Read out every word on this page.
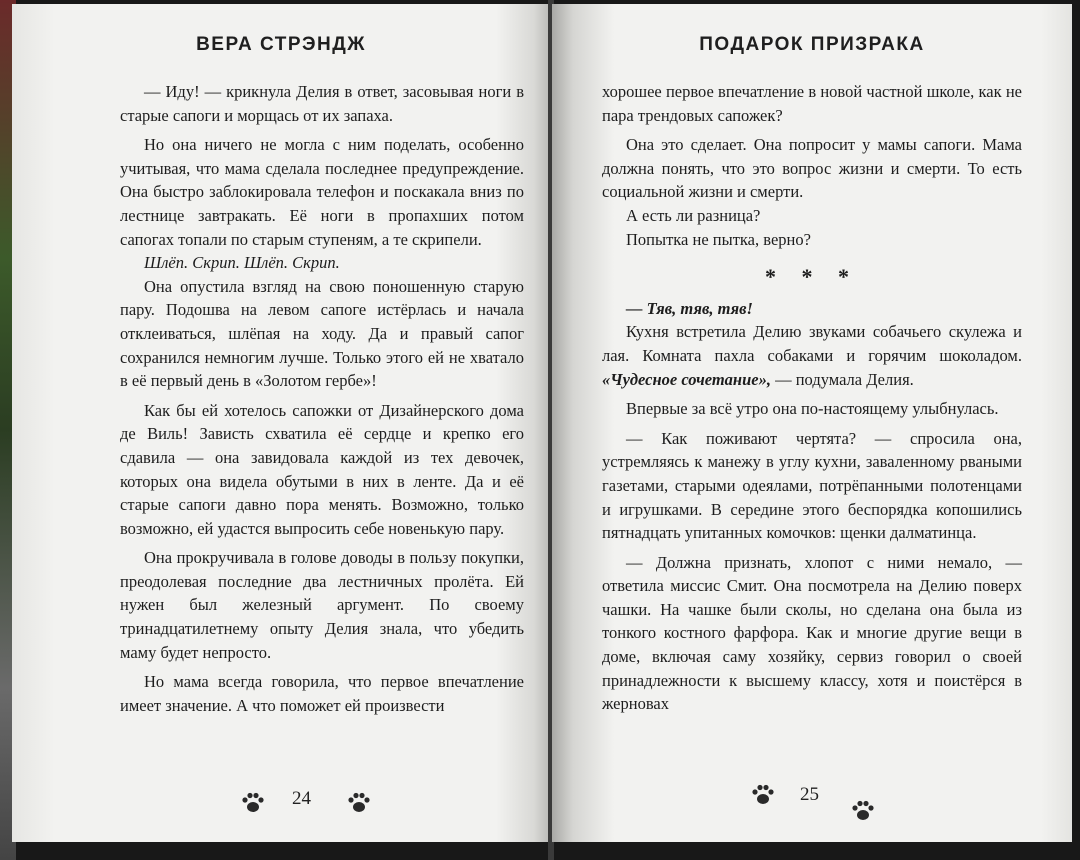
ВЕРА СТРЭНДЖ

— Иду! — крикнула Делия в ответ, засовывая ноги в старые сапоги и морщась от их запаха.

Но она ничего не могла с ним поделать, особенно учитывая, что мама сделала последнее предупреждение. Она быстро заблокировала телефон и поскакала вниз по лестнице завтракать. Её ноги в пропахших потом сапогах топали по старым ступеням, а те скрипели.

Шлёп. Скрип. Шлёп. Скрип.

Она опустила взгляд на свою поношенную старую пару. Подошва на левом сапоге истёрлась и начала отклеиваться, шлёпая на ходу. Да и правый сапог сохранился немногим лучше. Только этого ей не хватало в её первый день в «Золотом гербе»!

Как бы ей хотелось сапожки от Дизайнерского дома де Виль! Зависть схватила её сердце и крепко его сдавила — она завидовала каждой из тех девочек, которых она видела обутыми в них в ленте. Да и её старые сапоги давно пора менять. Возможно, только возможно, ей удастся выпросить себе новенькую пару.

Она прокручивала в голове доводы в пользу покупки, преодолевая последние два лестничных пролёта. Ей нужен был железный аргумент. По своему тринадцатилетнему опыту Делия знала, что убедить маму будет непросто.

Но мама всегда говорила, что первое впечатление имеет значение. А что поможет ей произвести

24
ПОДАРОК ПРИЗРАКА

хорошее первое впечатление в новой частной школе, как не пара трендовых сапожек?

Она это сделает. Она попросит у мамы сапоги. Мама должна понять, что это вопрос жизни и смерти. То есть социальной жизни и смерти.

А есть ли разница?

Попытка не пытка, верно?

* * *

— Тяв, тяв, тяв!

Кухня встретила Делию звуками собачьего скулежа и лая. Комната пахла собаками и горячим шоколадом. «Чудесное сочетание», — подумала Делия.

Впервые за всё утро она по-настоящему улыбнулась.

— Как поживают чертята? — спросила она, устремляясь к манежу в углу кухни, заваленному рваными газетами, старыми одеялами, потрёпанными полотенцами и игрушками. В середине этого беспорядка копошились пятнадцать упитанных комочков: щенки далматинца.

— Должна признать, хлопот с ними немало, — ответила миссис Смит. Она посмотрела на Делию поверх чашки. На чашке были сколы, но сделана она была из тонкого костного фарфора. Как и многие другие вещи в доме, включая саму хозяйку, сервиз говорил о своей принадлежности к высшему классу, хотя и поистёрся в жерновах

25
